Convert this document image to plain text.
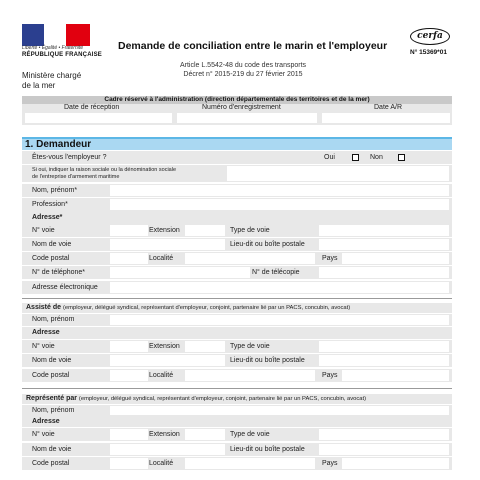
Liberté • Égalité • Fraternité
RÉPUBLIQUE FRANÇAISE
Ministère chargé
de la mer
Demande de conciliation entre le marin et l'employeur
Article L.5542-48 du code des transports
Décret n° 2015-219 du 27 février 2015
cerfa
N° 15369*01
Cadre réservé à l'administration (direction départementale des territoires et de la mer)
Date de réception	Numéro d'enregistrement	Date A/R
1. Demandeur
Êtes-vous l'employeur ?	Oui	Non
Si oui, indiquer la raison sociale ou la dénomination sociale
de l'entreprise d'armement maritime
Nom, prénom*
Profession*
Adresse*
N° voie	Extension	Type de voie
Nom de voie	Lieu-dit ou boîte postale
Code postal	Localité	Pays
N° de téléphone*	N° de télécopie
Adresse électronique
Assisté de (employeur, délégué syndical, représentant d'employeur, conjoint, partenaire lié par un PACS, concubin, avocat)
Nom, prénom
Adresse
N° voie	Extension	Type de voie
Nom de voie	Lieu-dit ou boîte postale
Code postal	Localité	Pays
Représenté par (employeur, délégué syndical, représentant d'employeur, conjoint, partenaire lié par un PACS, concubin, avocat)
Nom, prénom
Adresse
N° voie	Extension	Type de voie
Nom de voie	Lieu-dit ou boîte postale
Code postal	Localité	Pays
